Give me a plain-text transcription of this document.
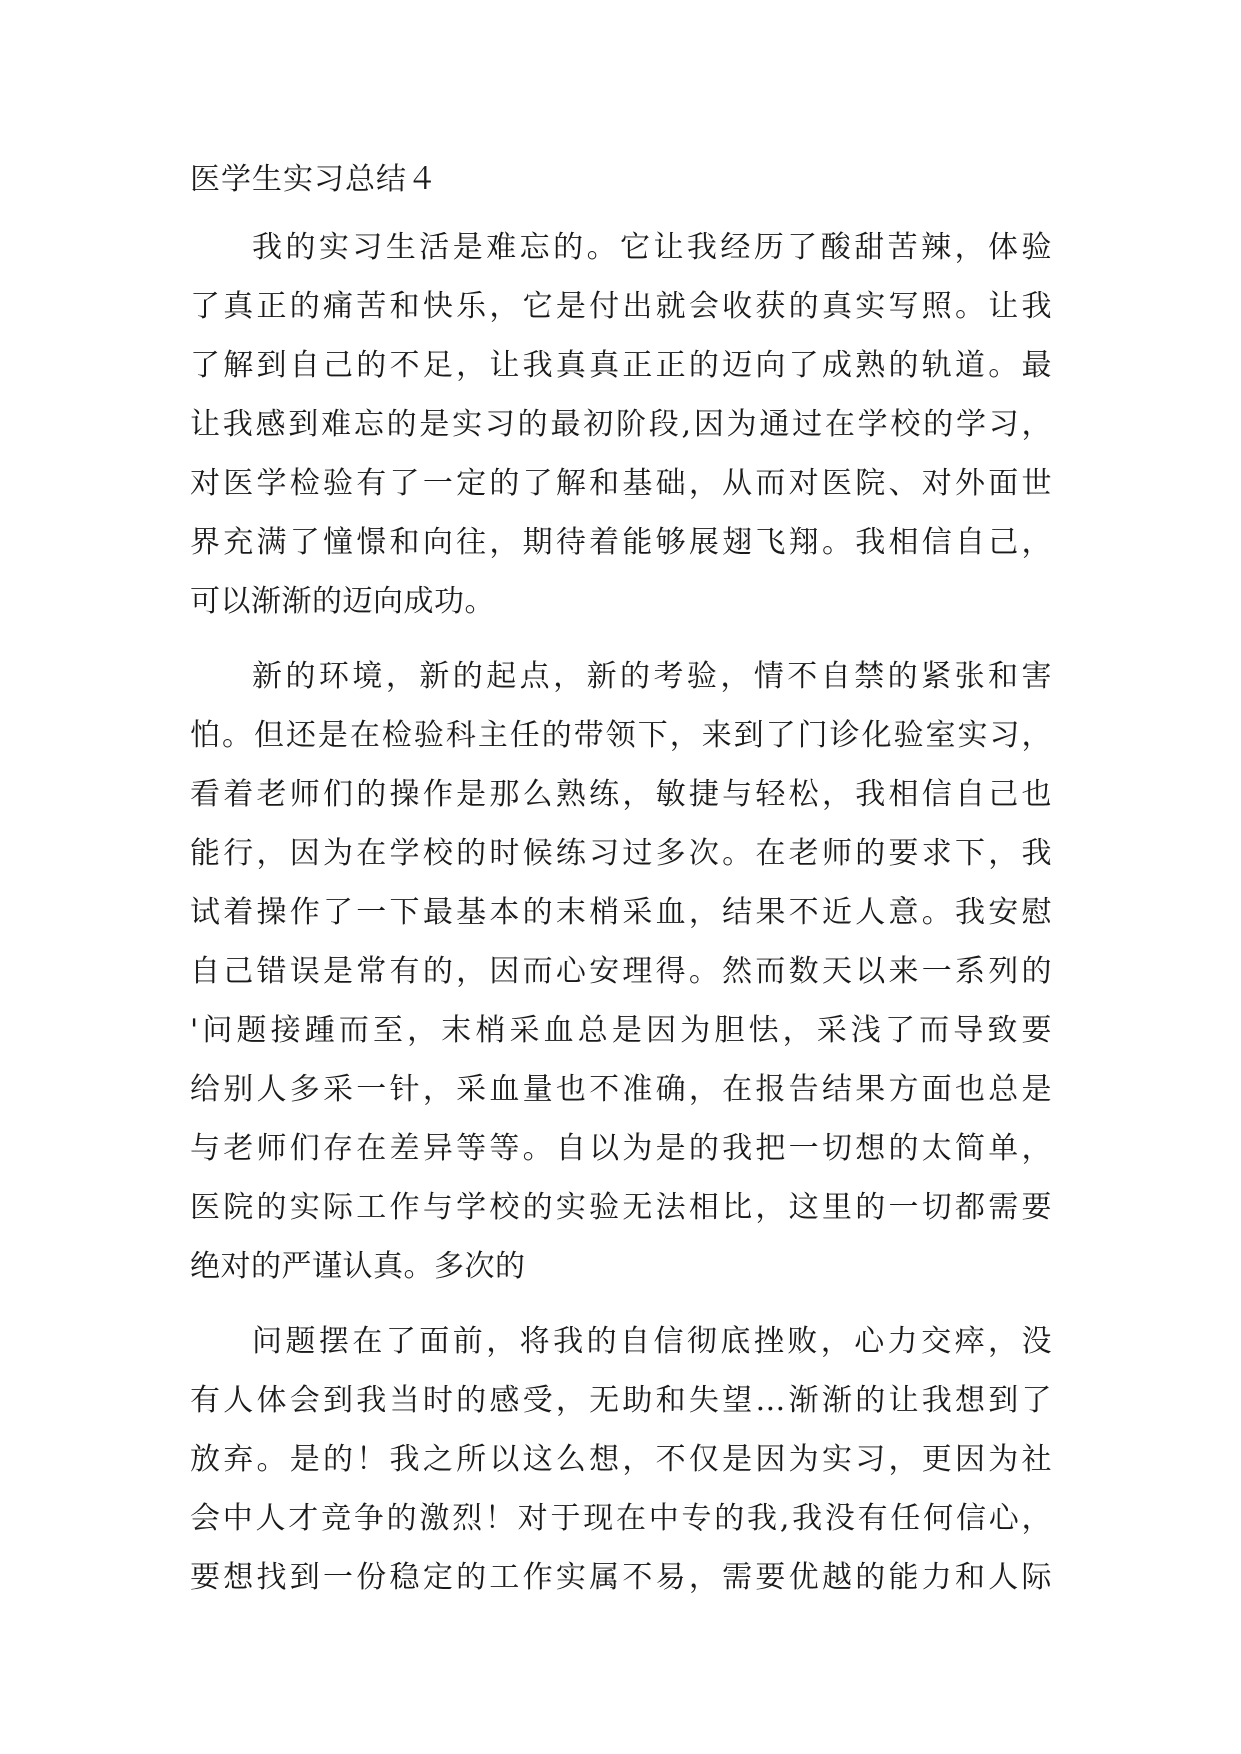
医学生实习总结４
我的实习生活是难忘的。它让我经历了酸甜苦辣，体验
了真正的痛苦和快乐，它是付出就会收获的真实写照。让我
了解到自己的不足，让我真真正正的迈向了成熟的轨道。最
让我感到难忘的是实习的最初阶段,因为通过在学校的学习，
对医学检验有了一定的了解和基础，从而对医院、对外面世
界充满了憧憬和向往，期待着能够展翅飞翔。我相信自己，
可以渐渐的迈向成功。
新的环境，新的起点，新的考验，情不自禁的紧张和害
怕。但还是在检验科主任的带领下，来到了门诊化验室实习，
看着老师们的操作是那么熟练，敏捷与轻松，我相信自己也
能行，因为在学校的时候练习过多次。在老师的要求下，我
试着操作了一下最基本的末梢采血，结果不近人意。我安慰
自己错误是常有的，因而心安理得。然而数天以来一系列的
'问题接踵而至，末梢采血总是因为胆怯，采浅了而导致要
给别人多采一针，采血量也不准确，在报告结果方面也总是
与老师们存在差异等等。自以为是的我把一切想的太简单，
医院的实际工作与学校的实验无法相比，这里的一切都需要
绝对的严谨认真。多次的
问题摆在了面前，将我的自信彻底挫败，心力交瘁，没
有人体会到我当时的感受，无助和失望…渐渐的让我想到了
放弃。是的！我之所以这么想，不仅是因为实习，更因为社
会中人才竞争的激烈！对于现在中专的我,我没有任何信心，
要想找到一份稳定的工作实属不易，需要优越的能力和人际
